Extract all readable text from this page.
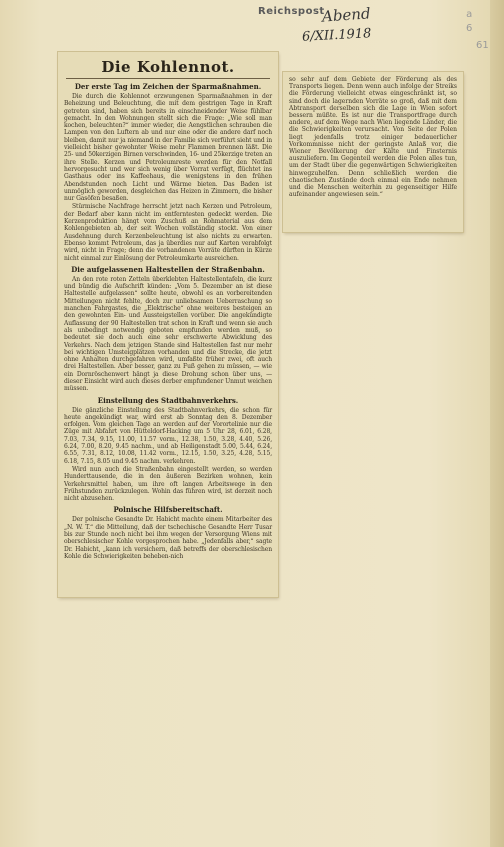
Reichspost
Abend
6/XII.1918
a
6
61
Die Kohlennot.
Der erste Tag im Zeichen der Sparmaßnahmen.

Die durch die Kohlennot erzwungenen Sparmaßnahmen in der Beheizung und Beleuchtung, die mit dem gestrigen Tage in Kraft getreten sind, haben sich bereits in einschneidender Weise fühlbar gemacht. In den Wohnungen stellt sich die Frage: „Wie soll man kochen, beleuchten?“ immer wieder, die Aengstlichen schrauben die Lampen von den Luftern ab und nur eine oder die andere darf noch bleiben, damit nur ja niemand in der Familie sich verführt sieht und in vielleicht bisher gewohnter Weise mehr Flammen brennen läßt. Die 25- und 50kerzigen Birnen verschwinden, 16- und 25kerzige treten an ihre Stelle. Kerzen und Petroleumreste werden für den Notfall hervorgesucht und wer sich wenig über Vorrat verfügt, flüchtet ins Gasthaus oder ins Kaffeehaus, die wenigstens in den frühen Abendstunden noch Licht und Wärme bieten. Das Baden ist unmöglich geworden, desgleichen das Heizen in Zimmern, die bisher nur Gasöfen besaßen.

Stürmische Nachfrage herrscht jetzt nach Kerzen und Petroleum, der Bedarf aber kann nicht im entferntesten gedeckt werden. Die Kerzenproduktion hängt vom Zuschuß an Rohmaterial aus dem Kohlengebieten ab, der seit Wochen vollständig stockt. Von einer Ausdehnung durch Kerzenbeleuchtung ist also nichts zu erwarten. Ebenso kommt Petroleum, das ja überdies nur auf Karten verabfolgt wird, nicht in Frage; denn die vorhandenen Vorräte dürften in Kürze nicht einmal zur Einlösung der Petroleumkarte ausreichen.

Die aufgelassenen Haltestellen der Straßenbahn.

An den rote roten Zetteln überklebten Haltestellentafeln, die kurz und bündig die Aufschrift künden: „Vom 5. Dezember an ist diese Haltestelle aufgelassen“ sollte heute, obwohl es an vorbereitenden Mitteilungen nicht fehlte, doch zur unliebsamen Ueberraschung so manchen Fahrgastes, die „Elektrische“ ohne weiteres besteigen an den gewohnten Ein- und Aussteigstellen vorüber. Die angekündigte Auflassung der 90 Haltestellen trat schon in Kraft und wenn sie auch als unbedingt notwendig geboten empfunden werden muß, so bedeutet sie doch auch eine sehr erschwerte Abwicklung des Verkehrs. Nach dem jetzigen Stande sind Haltestellen fast nur mehr bei wichtigen Umsteigplätzen vorhanden und die Strecke, die jetzt ohne Anhalten durchgefahren wird, umfaßte früher zwei, oft auch drei Haltestellen. Aber besser, ganz zu Fuß gehen zu müssen, — wie ein Dornröschenwert hängt ja diese Drohung schon über uns, — dieser Einsicht wird auch dieses derber empfundener Unmut weichen müssen.

Einstellung des Stadtbahnverkehrs.

Die gänzliche Einstellung des Stadtbahnverkehrs, die schon für heute angekündigt war, wird erst ab Sonntag den 8. Dezember erfolgen. Vom gleichen Tage an werden auf der Vorortelinie nur die Züge mit Abfahrt von Hütteldorf-Hacking um 5 Uhr 28, 6.01, 6.28, 7.03, 7.34, 9.15, 11.00, 11.57 vorm., 12.38, 1.50, 3.28, 4.40, 5.26, 6.24, 7.00, 8.20, 9.45 nachm., und ab Heiligenstadt 5.00, 5.44, 6.24, 6.55, 7.31, 8.12, 10.08, 11.42 vorm., 12.15, 1.50, 3.25, 4.28, 5.15, 6.18, 7.15, 8.05 und 9.45 nachm. verkehren.

Wird nun auch die Straßenbahn eingestellt werden, so werden Hunderttausende, die in den äußeren Bezirken wohnen, kein Verkehrsmittel haben, um ihre oft langen Arbeitswege in den Frühstunden zurückzulegen. Wohin das führen wird, ist derzeit noch nicht abzusehen.

Polnische Hilfsbereitschaft.

Der polnische Gesandte Dr. Habicht machte einem Mitarbeiter des „N. W. T.“ die Mitteilung, daß der tschechische Gesandte Herr Tusar bis zur Stunde noch nicht bei ihm wegen der Versorgung Wiens mit oberschlesischer Kohle vorgesprochen habe. „Jedenfalls aber,“ sagte Dr. Habicht, „kann ich versichern, daß betreffs der oberschlesischen Kohle die Schwierigkeiten beheben-nich

so sehr auf dem Gebiete der Förderung als des Transports liegen. Denn wenn auch infolge der Streiks die Förderung vielleicht etwas eingeschränkt ist, so sind doch die lagernden Vorräte so groß, daß mit dem Abtransport derselben sich die Lage in Wien sofort bessern müßte. Es ist nur die Transportfrage durch andere, auf dem Wege nach Wien liegende Länder, die die Schwierigkeiten verursacht. Von Seite der Polen liegt jedenfalls trotz einiger bedauerlicher Vorkommnisse nicht der geringste Anlaß vor, die Wiener Bevölkerung der Kälte und Finsternis auszuliefern. Im Gegenteil werden die Polen alles tun, um der Stadt über die gegenwärtigen Schwierigkeiten hinwegzuhelfen. Denn schließlich werden die chaotischen Zustände doch einmal ein Ende nehmen und die Menschen weiterhin zu gegenseitiger Hilfe aufeinander angewiesen sein.“
